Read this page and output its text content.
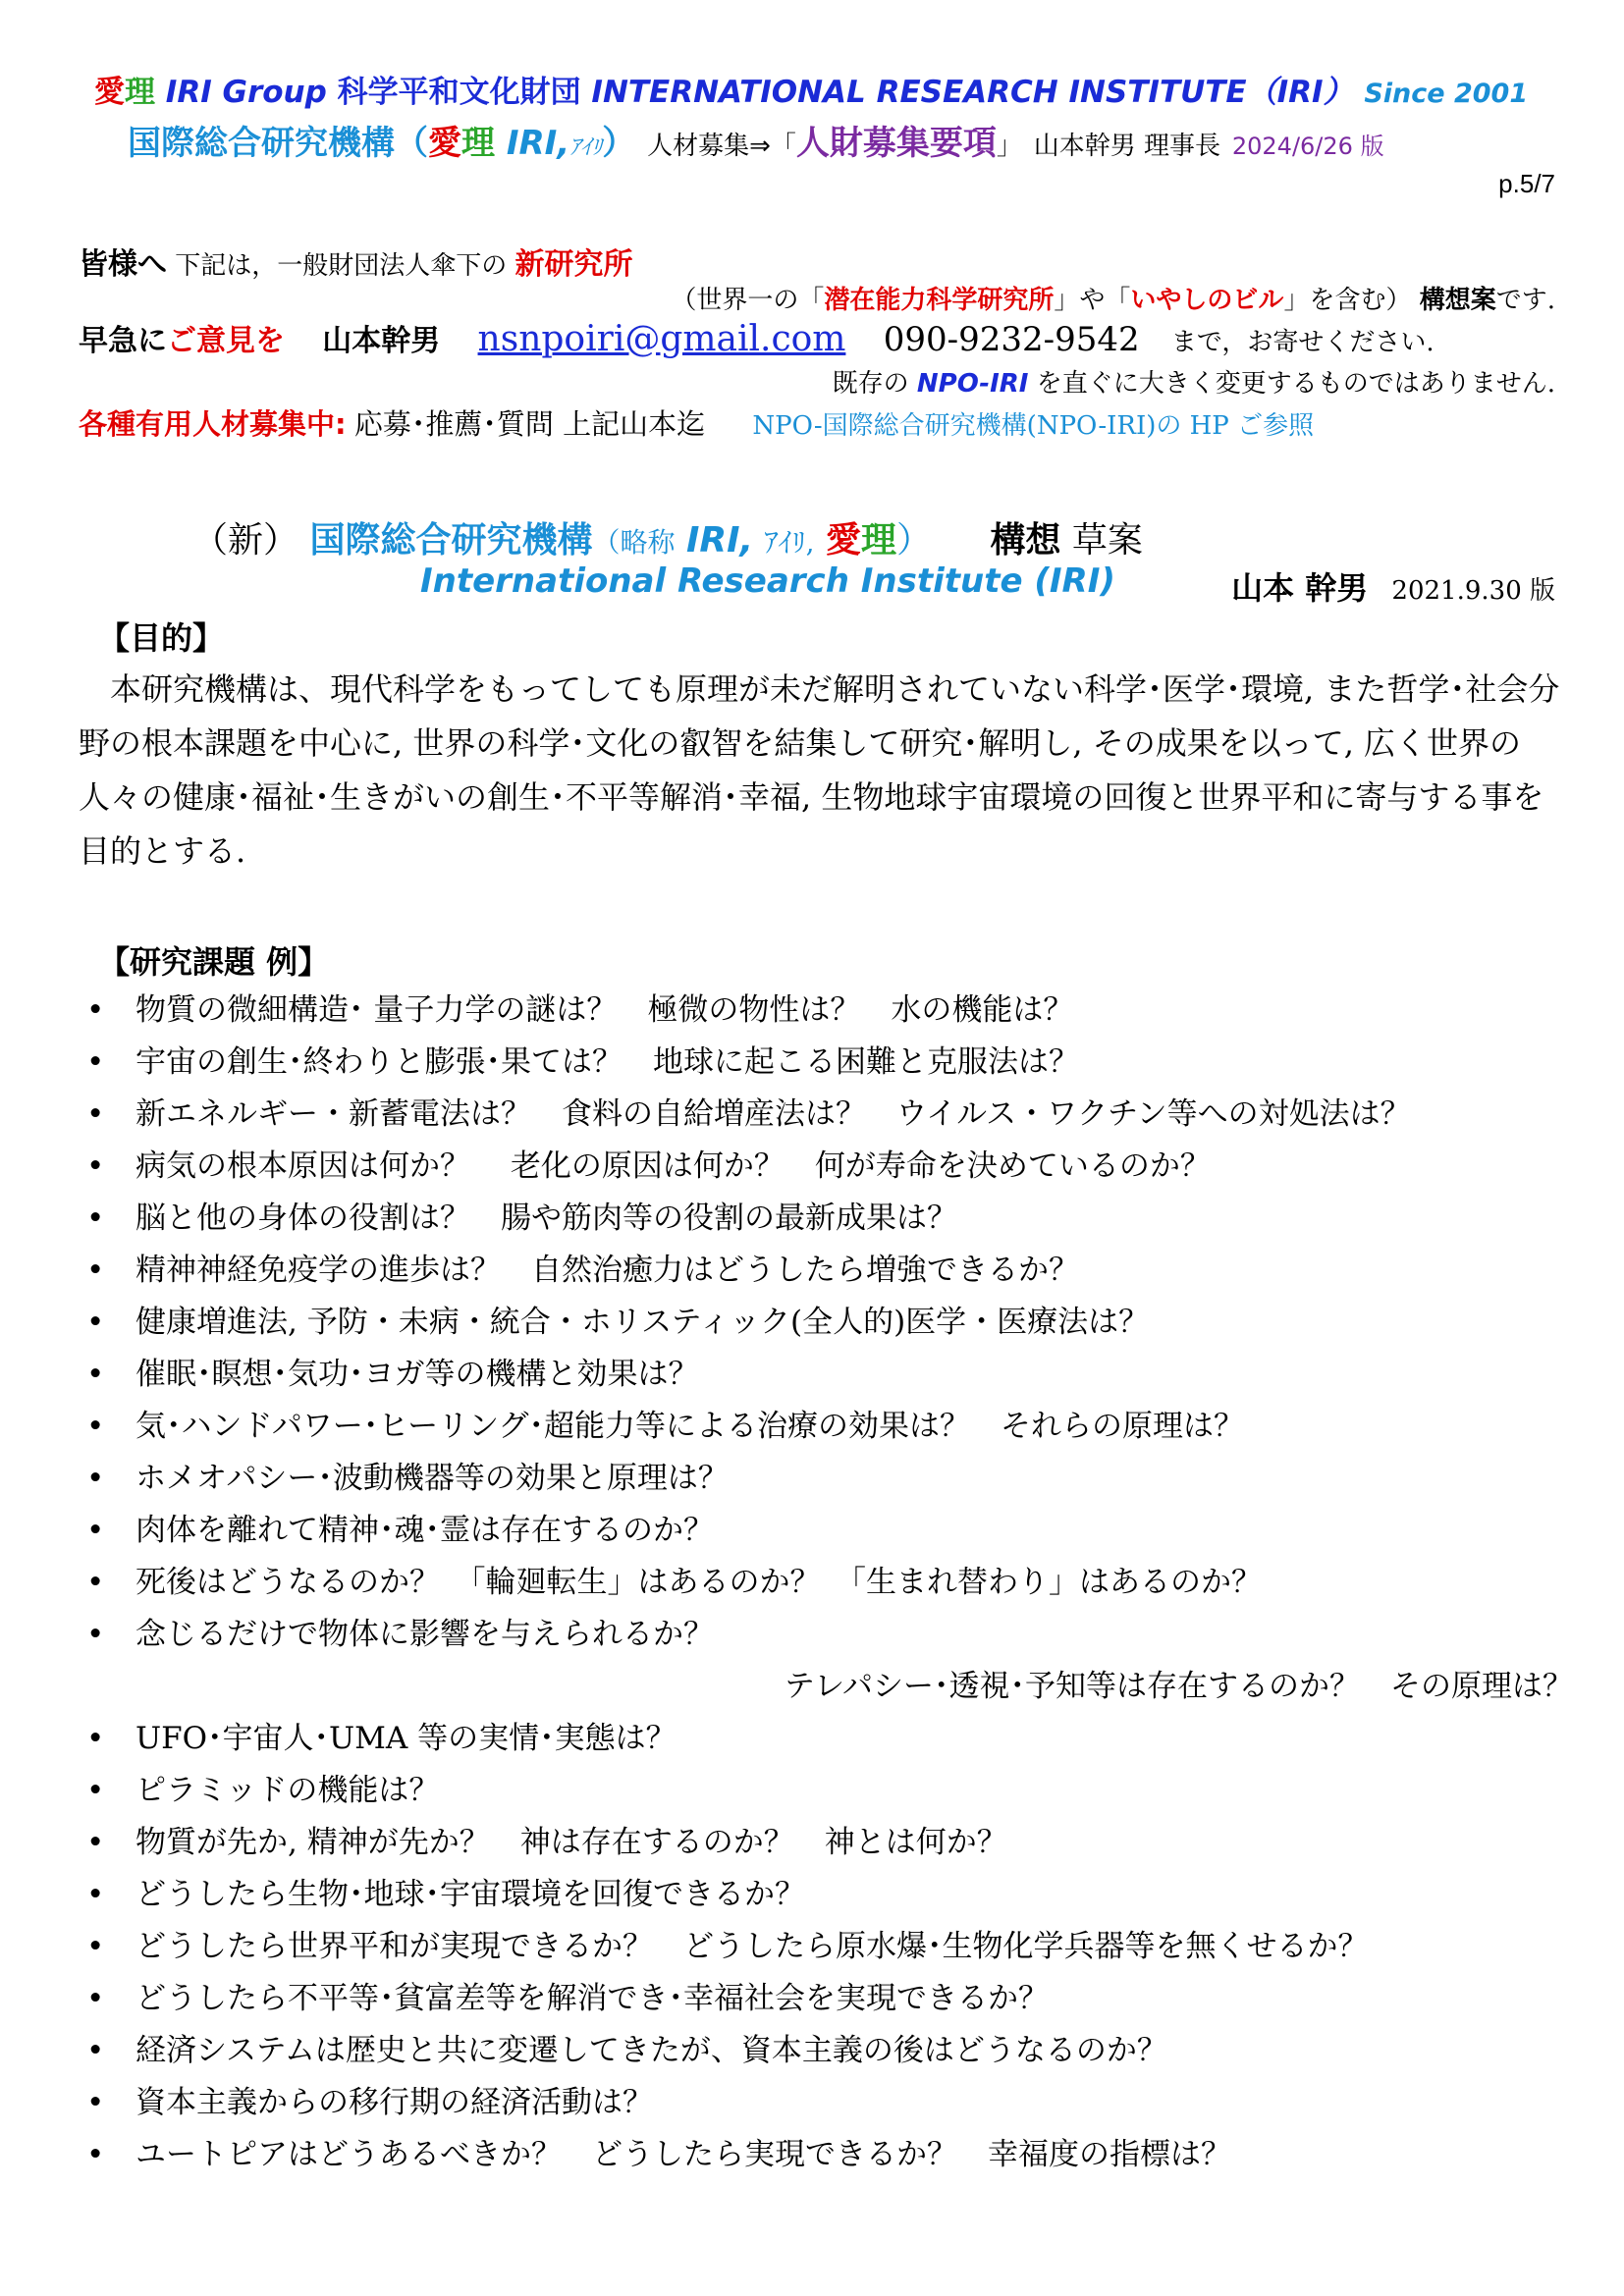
愛理 IRI Group 科学平和文化財団 INTERNATIONAL RESEARCH INSTITUTE（IRI） Since 2001
国際総合研究機構（愛理 IRI,ｱｲﾘ） 人材募集⇒「人財募集要項」 山本幹男 理事長 2024/6/26 版
p.5/7
皆様へ 下記は，一般財団法人傘下の 新研究所
（世界一の「潜在能力科学研究所」や「いやしのビル」を含む） 構想案です.
早急にご意見を 山本幹男 nsnpoiri@gmail.com 090-9232-9542 まで，お寄せください.
既存の NPO-IRI を直ぐに大きく変更するものではありません.
各種有用人材募集中: 応募･推薦･質問 上記山本迄 NPO-国際総合研究機構(NPO-IRI)の HP ご参照
（新） 国際総合研究機構（略称 IRI, ｱｲﾘ, 愛理） 構想 草案
International Research Institute (IRI)	山本 幹男 2021.9.30 版
【目的】
　本研究機構は、現代科学をもってしても原理が未だ解明されていない科学･医学･環境, また哲学･社会分野の根本課題を中心に, 世界の科学･文化の叡智を結集して研究･解明し, その成果を以って, 広く世界の人々の健康･福祉･生きがいの創生･不平等解消･幸福, 生物地球宇宙環境の回復と世界平和に寄与する事を目的とする.
【研究課題 例】
• 物質の微細構造･ 量子力学の謎は？　極微の物性は？　水の機能は？
• 宇宙の創生･終わりと膨張･果ては？　地球に起こる困難と克服法は？
• 新エネルギー・新蓄電法は？　食料の自給増産法は？　ウイルス・ワクチン等への対処法は？
• 病気の根本原因は何か？　 老化の原因は何か？　何が寿命を決めているのか？
• 脳と他の身体の役割は？　腸や筋肉等の役割の最新成果は？
• 精神神経免疫学の進歩は？　自然治癒力はどうしたら増強できるか？
• 健康増進法, 予防・未病・統合・ホリスティック(全人的)医学・医療法は？
• 催眠･瞑想･気功･ヨガ等の機構と効果は？
• 気･ハンドパワー･ヒーリング･超能力等による治療の効果は？　それらの原理は？
• ホメオパシー･波動機器等の効果と原理は？
• 肉体を離れて精神･魂･霊は存在するのか？
• 死後はどうなるのか？　「輪廻転生」はあるのか？　「生まれ替わり」はあるのか？
• 念じるだけで物体に影響を与えられるか？
テレパシー･透視･予知等は存在するのか？　その原理は？
• UFO･宇宙人･UMA 等の実情･実態は？
• ピラミッドの機能は？
• 物質が先か, 精神が先か？　神は存在するのか？　神とは何か？
• どうしたら生物･地球･宇宙環境を回復できるか？
• どうしたら世界平和が実現できるか？　どうしたら原水爆･生物化学兵器等を無くせるか？
• どうしたら不平等･貧富差等を解消でき･幸福社会を実現できるか？
• 経済システムは歴史と共に変遷してきたが、資本主義の後はどうなるのか？
• 資本主義からの移行期の経済活動は？
• ユートピアはどうあるべきか？　どうしたら実現できるか？　幸福度の指標は？
